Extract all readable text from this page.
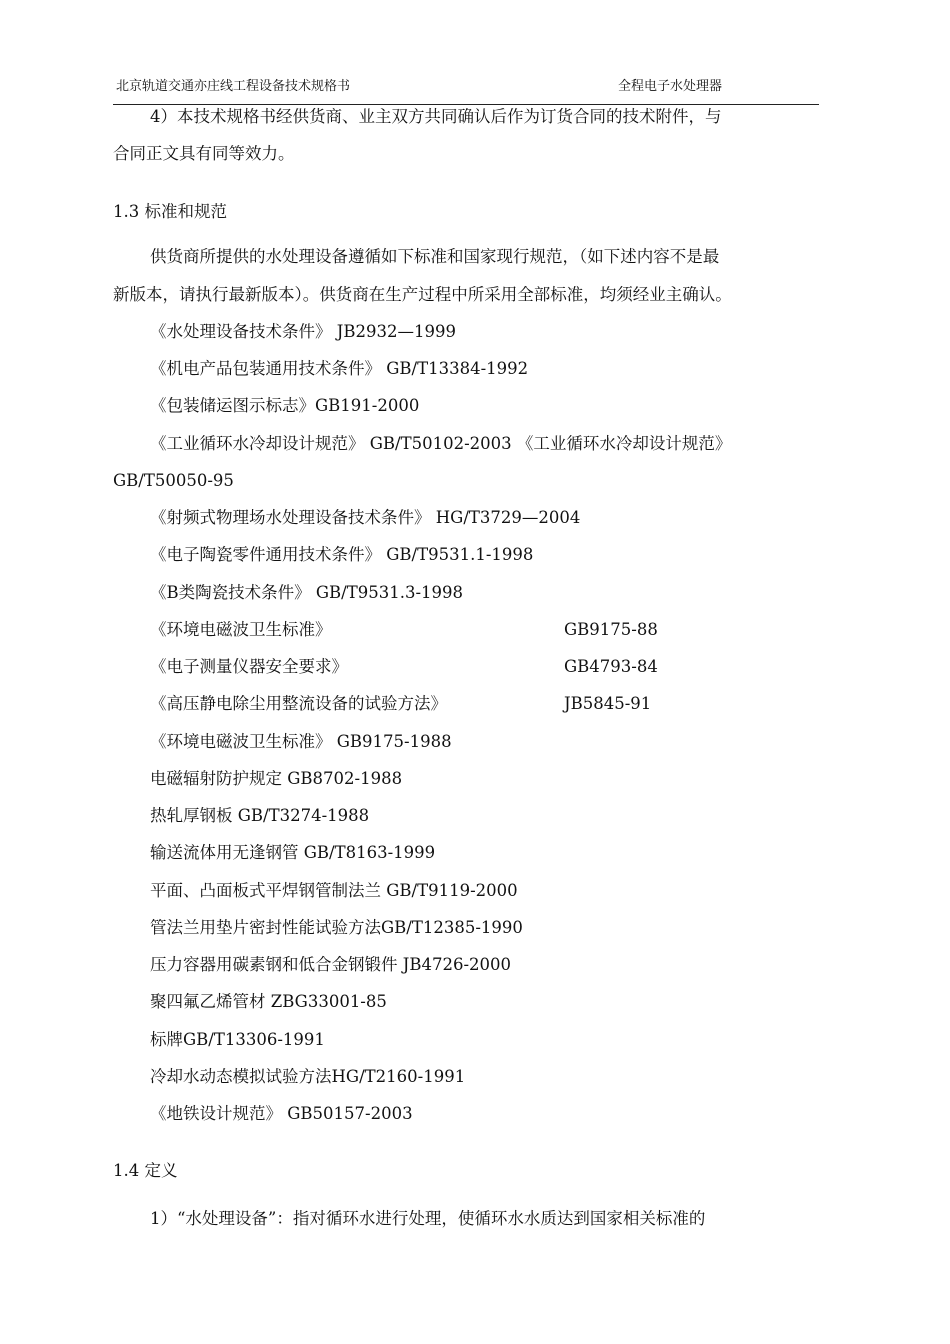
北京轨道交通亦庄线工程设备技术规格书	全程电子水处理器
4）本技术规格书经供货商、业主双方共同确认后作为订货合同的技术附件，与
合同正文具有同等效力。
1.3 标准和规范
供货商所提供的水处理设备遵循如下标准和国家现行规范，（如下述内容不是最
新版本，请执行最新版本）。供货商在生产过程中所采用全部标准，均须经业主确认。
《水处理设备技术条件》 JB2932—1999
《机电产品包装通用技术条件》 GB/T13384-1992
《包装储运图示标志》GB191-2000
《工业循环水冷却设计规范》 GB/T50102-2003 《工业循环水冷却设计规范》
GB/T50050-95
《射频式物理场水处理设备技术条件》 HG/T3729—2004
《电子陶瓷零件通用技术条件》 GB/T9531.1-1998
《B类陶瓷技术条件》 GB/T9531.3-1998
《环境电磁波卫生标准》	GB9175-88
《电子测量仪器安全要求》	GB4793-84
《高压静电除尘用整流设备的试验方法》	JB5845-91
《环境电磁波卫生标准》 GB9175-1988
电磁辐射防护规定 GB8702-1988
热轧厚钢板 GB/T3274-1988
输送流体用无逢钢管 GB/T8163-1999
平面、凸面板式平焊钢管制法兰 GB/T9119-2000
管法兰用垫片密封性能试验方法GB/T12385-1990
压力容器用碳素钢和低合金钢锻件 JB4726-2000
聚四氟乙烯管材 ZBG33001-85
标牌GB/T13306-1991
冷却水动态模拟试验方法HG/T2160-1991
《地铁设计规范》 GB50157-2003
1.4 定义
1）“水处理设备”：指对循环水进行处理，使循环水水质达到国家相关标准的
